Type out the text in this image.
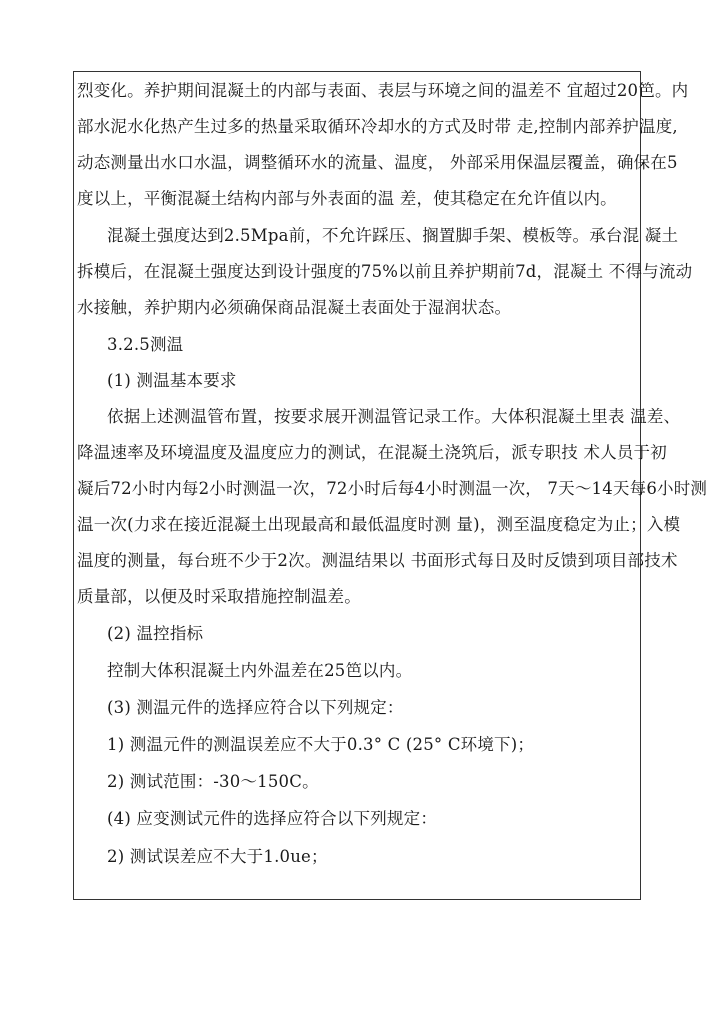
烈变化。养护期间混凝土的内部与表面、表层与环境之间的温差不 宜超过20笆。内
部水泥水化热产生过多的热量采取循环冷却水的方式及时带 走,控制内部养护温度,
动态测量出水口水温，调整循环水的流量、温度， 外部采用保温层覆盖，确保在5
度以上，平衡混凝土结构内部与外表面的温 差，使其稳定在允许值以内。
混凝土强度达到2.5Mpa前，不允许踩压、搁置脚手架、模板等。承台混 凝土
拆模后，在混凝土强度达到设计强度的75%以前且养护期前7d，混凝土 不得与流动
水接触，养护期内必须确保商品混凝土表面处于湿润状态。
3.2.5测温
(1) 测温基本要求
依据上述测温管布置，按要求展开测温管记录工作。大体积混凝土里表 温差、
降温速率及环境温度及温度应力的测试，在混凝土浇筑后，派专职技 术人员于初
凝后72小时内每2小时测温一次，72小时后每4小时测温一次， 7天〜14天每6小时测
温一次(力求在接近混凝土出现最高和最低温度时测 量)，测至温度稳定为止；入模
温度的测量，每台班不少于2次。测温结果以 书面形式每日及时反馈到项目部技术
质量部，以便及时采取措施控制温差。
(2) 温控指标
控制大体积混凝土内外温差在25笆以内。
(3) 测温元件的选择应符合以下列规定：
1) 测温元件的测温误差应不大于0.3° C (25° C环境下)；
2) 测试范围：-30〜150C。
(4) 应变测试元件的选择应符合以下列规定：
2) 测试误差应不大于1.0ue；
